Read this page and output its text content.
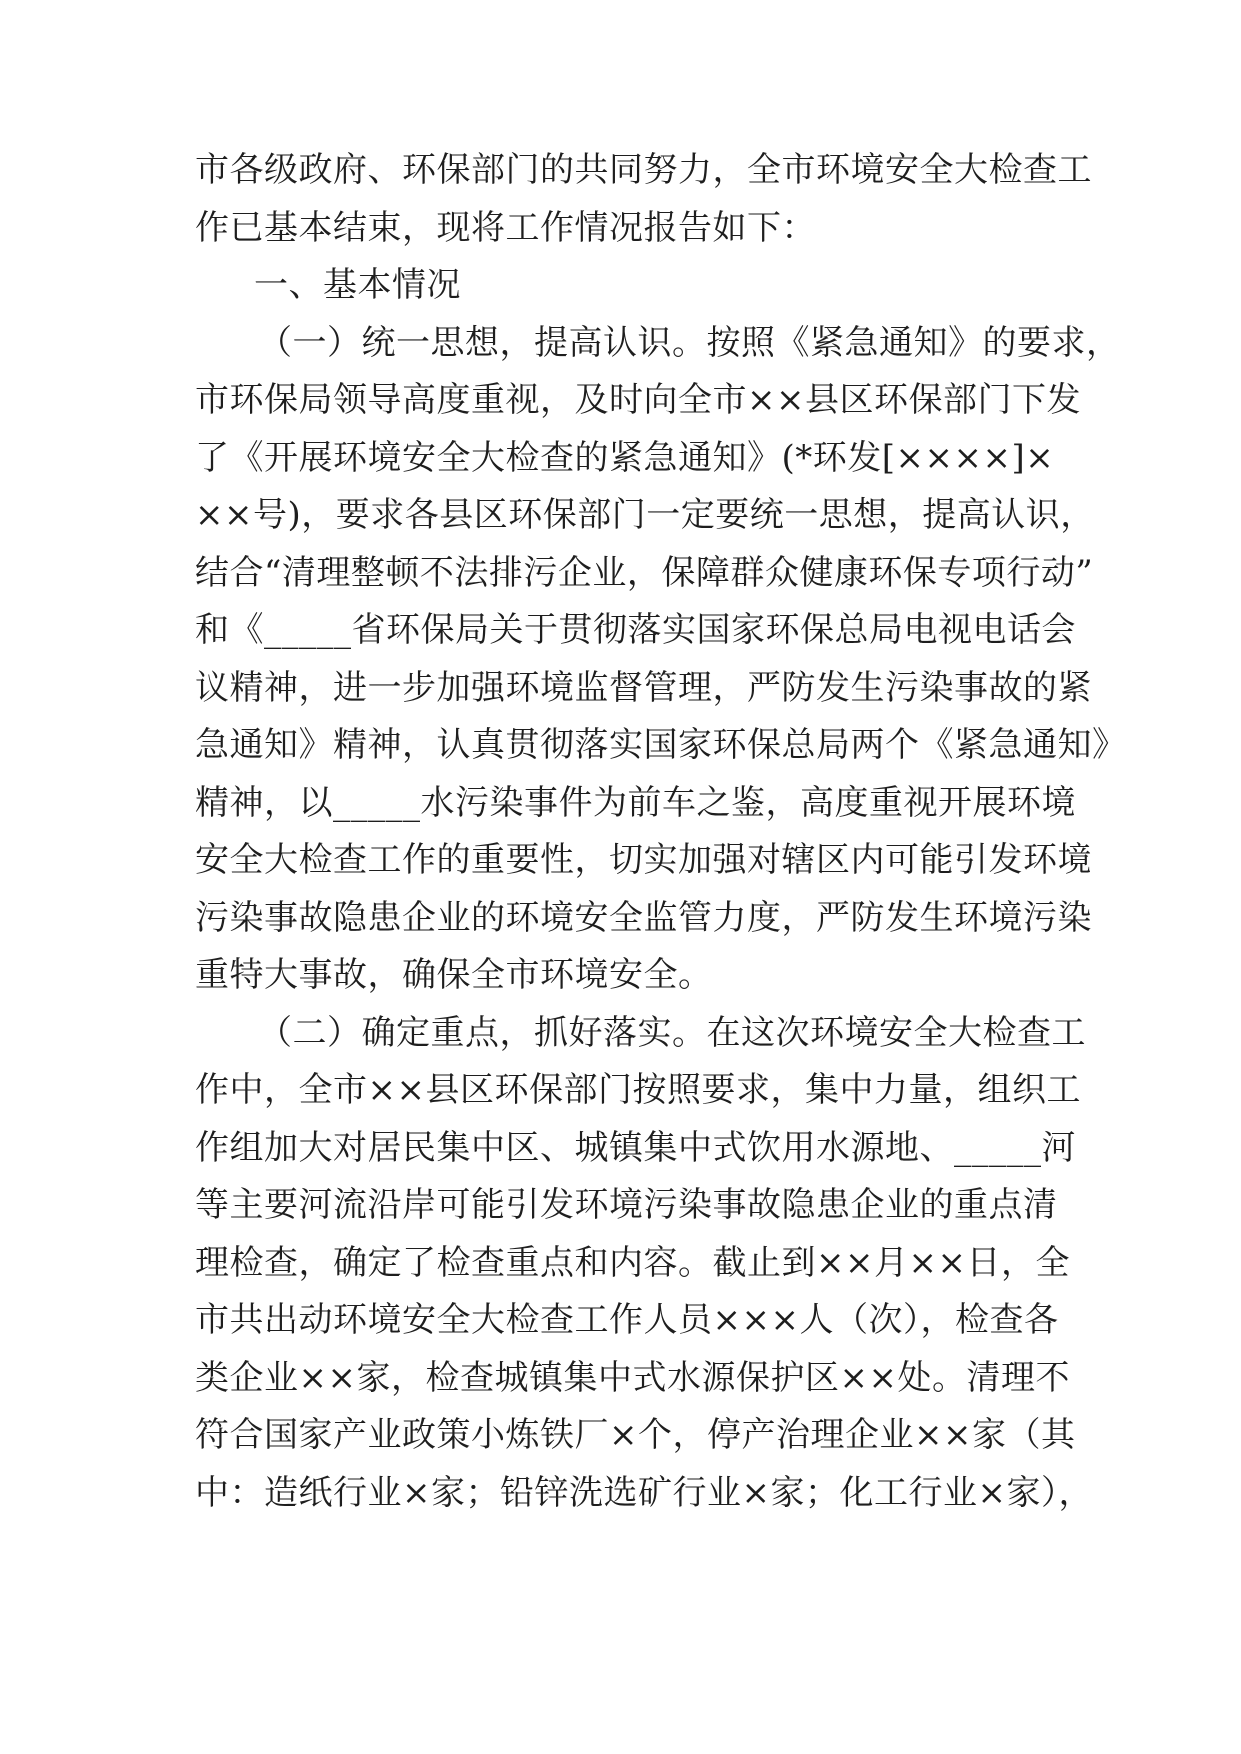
市各级政府、环保部门的共同努力，全市环境安全大检查工
作已基本结束，现将工作情况报告如下：
一、基本情况
（一）统一思想，提高认识。按照《紧急通知》的要求，
市环保局领导高度重视，及时向全市××县区环保部门下发
了《开展环境安全大检查的紧急通知》(*环发[××××]×
××号)，要求各县区环保部门一定要统一思想，提高认识，
结合“清理整顿不法排污企业，保障群众健康环保专项行动”
和《_____省环保局关于贯彻落实国家环保总局电视电话会
议精神，进一步加强环境监督管理，严防发生污染事故的紧
急通知》精神，认真贯彻落实国家环保总局两个《紧急通知》
精神，以_____水污染事件为前车之鉴，高度重视开展环境
安全大检查工作的重要性，切实加强对辖区内可能引发环境
污染事故隐患企业的环境安全监管力度，严防发生环境污染
重特大事故，确保全市环境安全。
（二）确定重点，抓好落实。在这次环境安全大检查工
作中，全市××县区环保部门按照要求，集中力量，组织工
作组加大对居民集中区、城镇集中式饮用水源地、_____河
等主要河流沿岸可能引发环境污染事故隐患企业的重点清
理检查，确定了检查重点和内容。截止到××月××日，全
市共出动环境安全大检查工作人员×××人（次），检查各
类企业××家，检查城镇集中式水源保护区××处。清理不
符合国家产业政策小炼铁厂×个，停产治理企业××家（其
中：造纸行业×家；铅锌洗选矿行业×家；化工行业×家），
